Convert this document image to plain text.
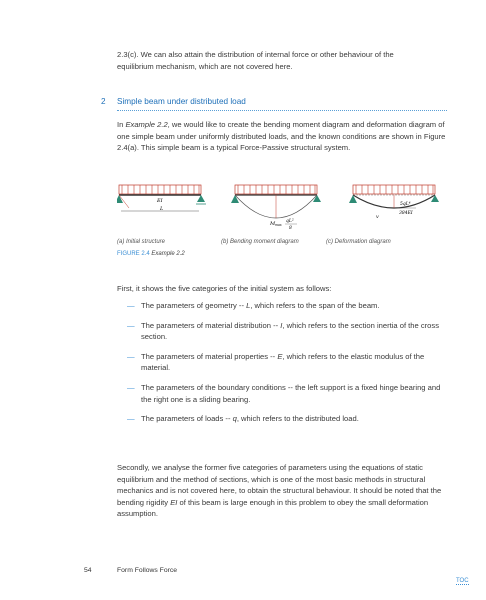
2.3(c). We can also attain the distribution of internal force or other behaviour of the
equilibrium mechanism, which are not covered here.

2 Simple beam under distributed load

In Example 2.2, we would like to create the bending moment diagram and deformation diagram of one simple beam under uniformly distributed loads, and the known conditions are shown in Figure 2.4(a). This simple beam is a typical Force-Passive structural system.

EI
L
M max
qL²
8
v
5qL⁴
384EI
(a) Initial structure	(b) Bending moment diagram	(c) Deformation diagram
FIGURE 2.4 Example 2.2

First, it shows the five categories of the initial system as follows:

— The parameters of geometry -- L, which refers to the span of the beam.
— The parameters of material distribution -- I, which refers to the section inertia of the cross section.
— The parameters of material properties -- E, which refers to the elastic modulus of the material.
— The parameters of the boundary conditions -- the left support is a fixed hinge bearing and the right one is a sliding bearing.
— The parameters of loads -- q, which refers to the distributed load.

Secondly, we analyse the former five categories of parameters using the equations of static equilibrium and the method of sections, which is one of the most basic methods in structural mechanics and is not covered here, to obtain the structural behaviour. It should be noted that the bending rigidity EI of this beam is large enough in this problem to obey the small deformation assumption.

54	Form Follows Force
TOC
